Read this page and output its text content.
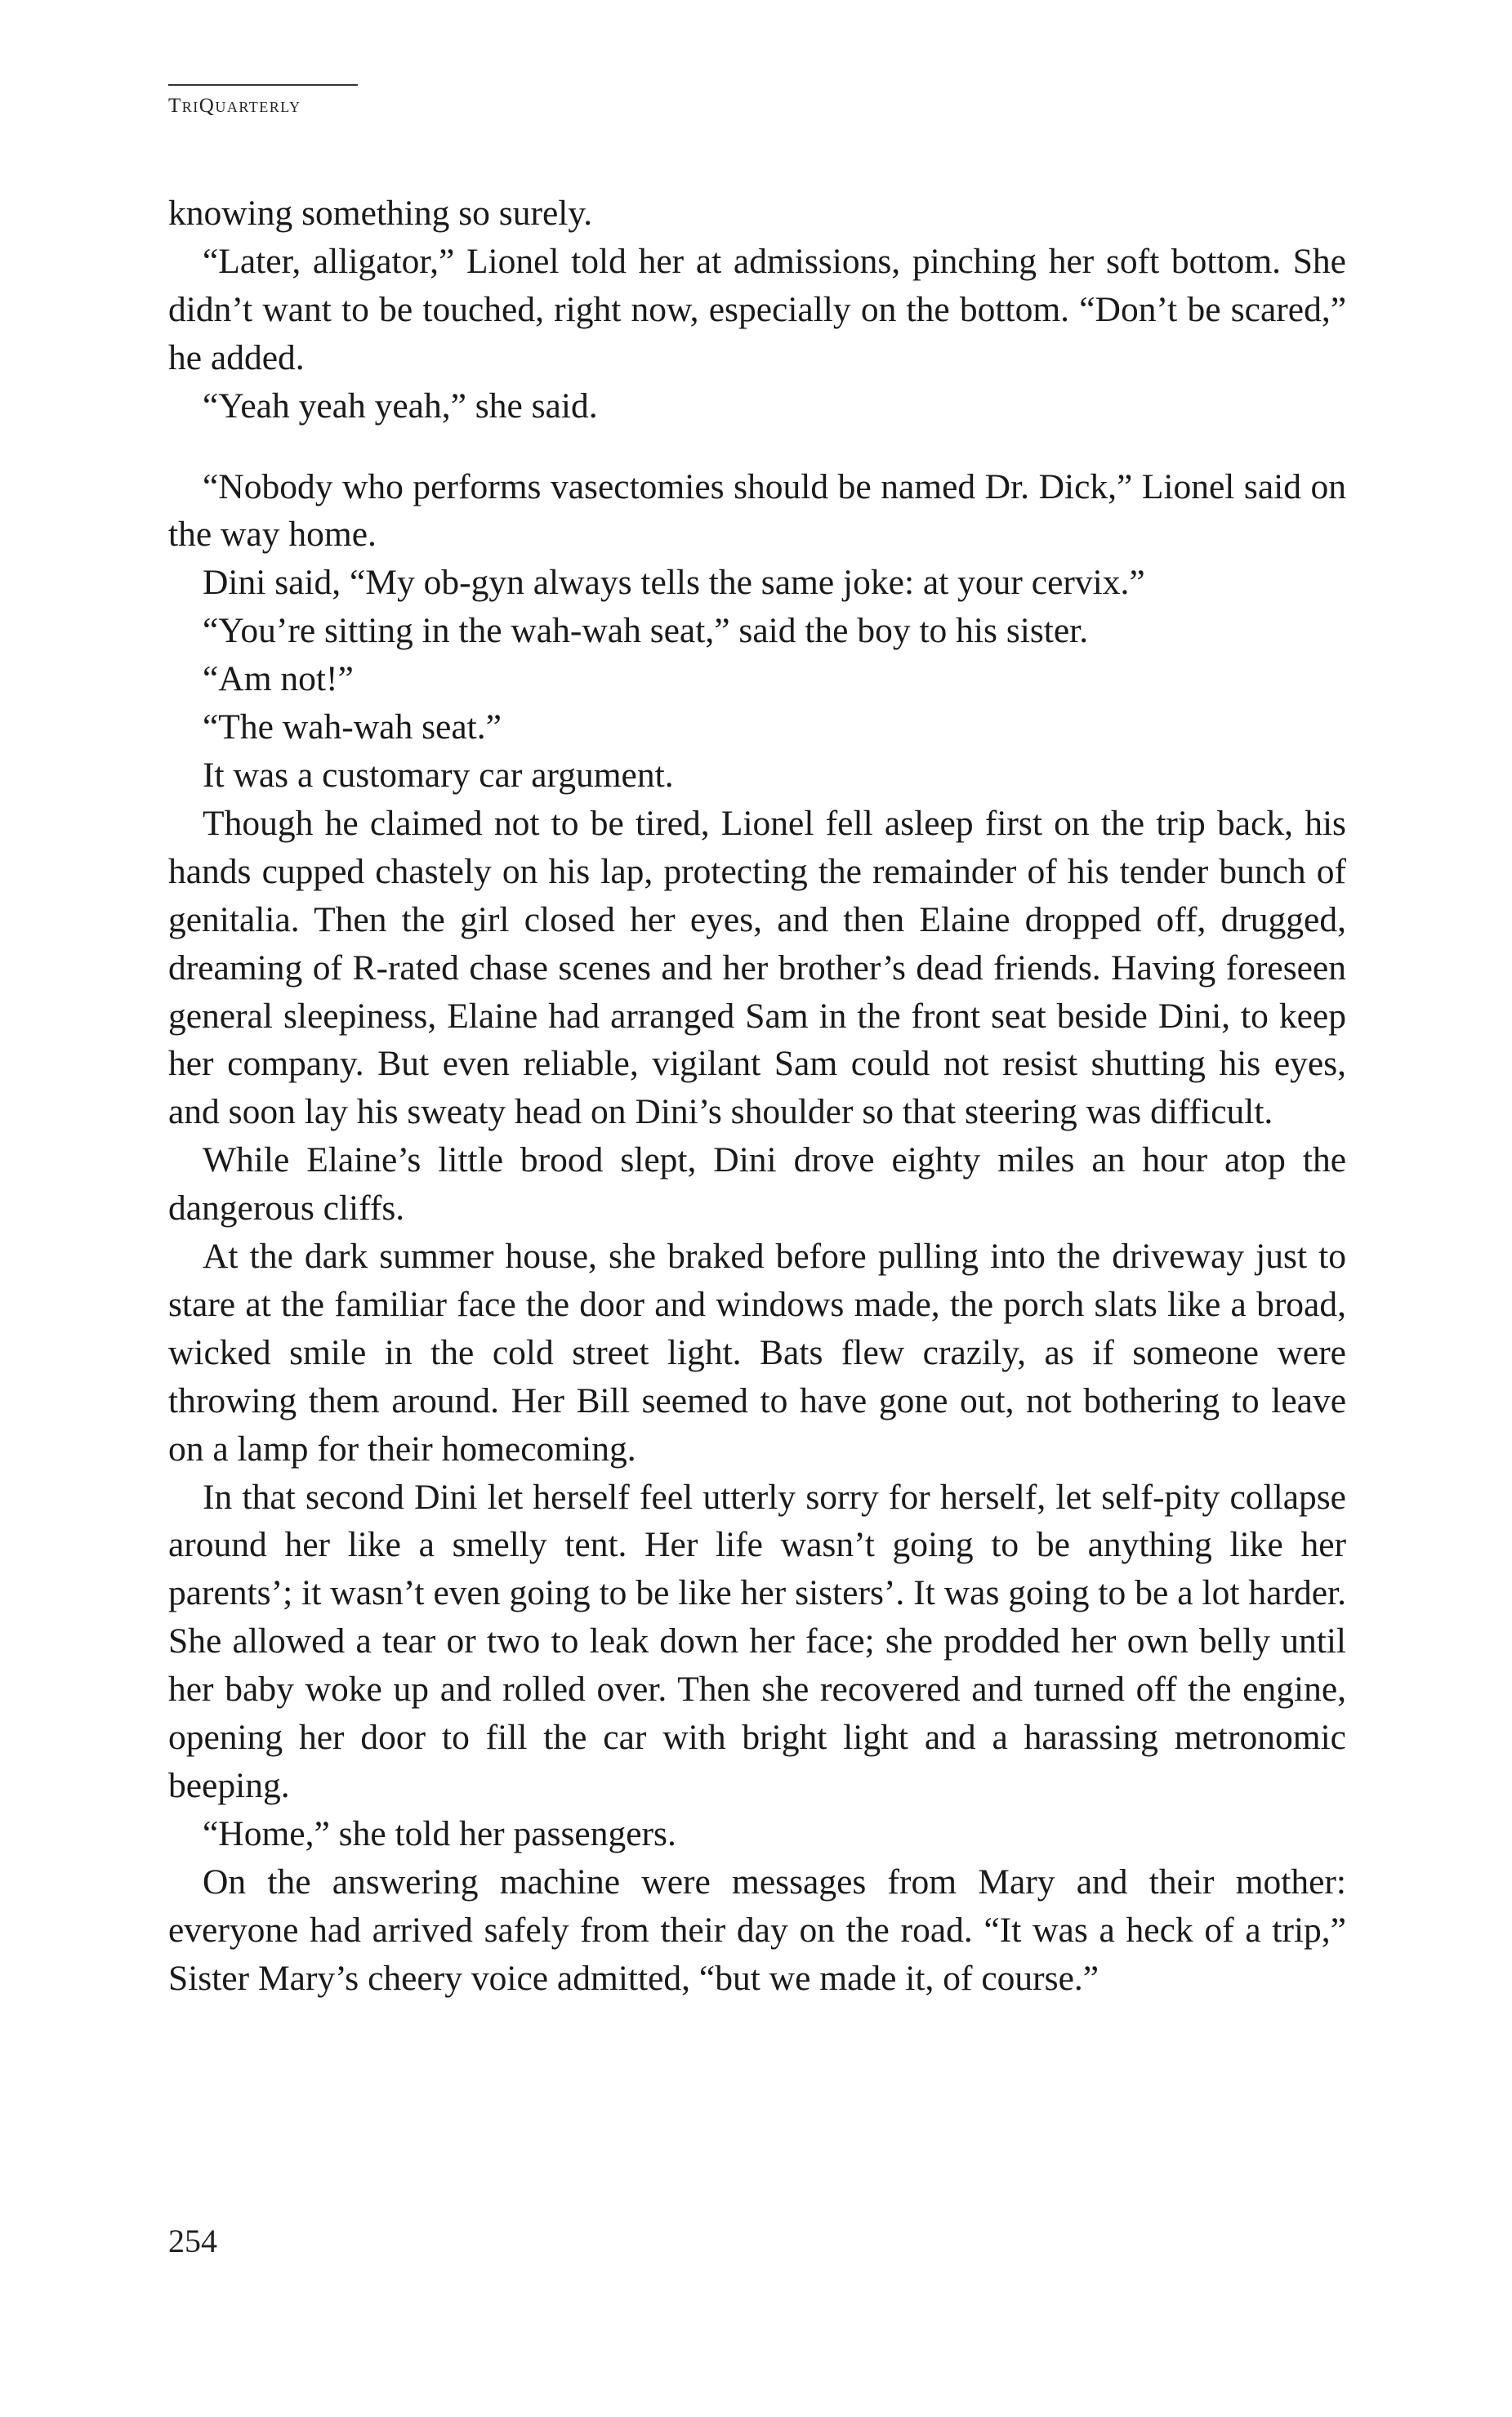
TriQuarterly

knowing something so surely.

“Later, alligator,” Lionel told her at admissions, pinching her soft bottom. She didn’t want to be touched, right now, especially on the bottom. “Don’t be scared,” he added.

“Yeah yeah yeah,” she said.

“Nobody who performs vasectomies should be named Dr. Dick,” Lionel said on the way home.

Dini said, “My ob-gyn always tells the same joke: at your cervix.”

“You’re sitting in the wah-wah seat,” said the boy to his sister.

“Am not!”

“The wah-wah seat.”

It was a customary car argument.

Though he claimed not to be tired, Lionel fell asleep first on the trip back, his hands cupped chastely on his lap, protecting the remainder of his tender bunch of genitalia. Then the girl closed her eyes, and then Elaine dropped off, drugged, dreaming of R-rated chase scenes and her brother’s dead friends. Having foreseen general sleepiness, Elaine had arranged Sam in the front seat beside Dini, to keep her company. But even reliable, vigilant Sam could not resist shutting his eyes, and soon lay his sweaty head on Dini’s shoulder so that steering was difficult.

While Elaine’s little brood slept, Dini drove eighty miles an hour atop the dangerous cliffs.

At the dark summer house, she braked before pulling into the driveway just to stare at the familiar face the door and windows made, the porch slats like a broad, wicked smile in the cold street light. Bats flew crazily, as if someone were throwing them around. Her Bill seemed to have gone out, not bothering to leave on a lamp for their homecoming.

In that second Dini let herself feel utterly sorry for herself, let self-pity collapse around her like a smelly tent. Her life wasn’t going to be anything like her parents’; it wasn’t even going to be like her sisters’. It was going to be a lot harder. She allowed a tear or two to leak down her face; she prodded her own belly until her baby woke up and rolled over. Then she recovered and turned off the engine, opening her door to fill the car with bright light and a harassing metronomic beeping.

“Home,” she told her passengers.

On the answering machine were messages from Mary and their mother: everyone had arrived safely from their day on the road. “It was a heck of a trip,” Sister Mary’s cheery voice admitted, “but we made it, of course.”

254
